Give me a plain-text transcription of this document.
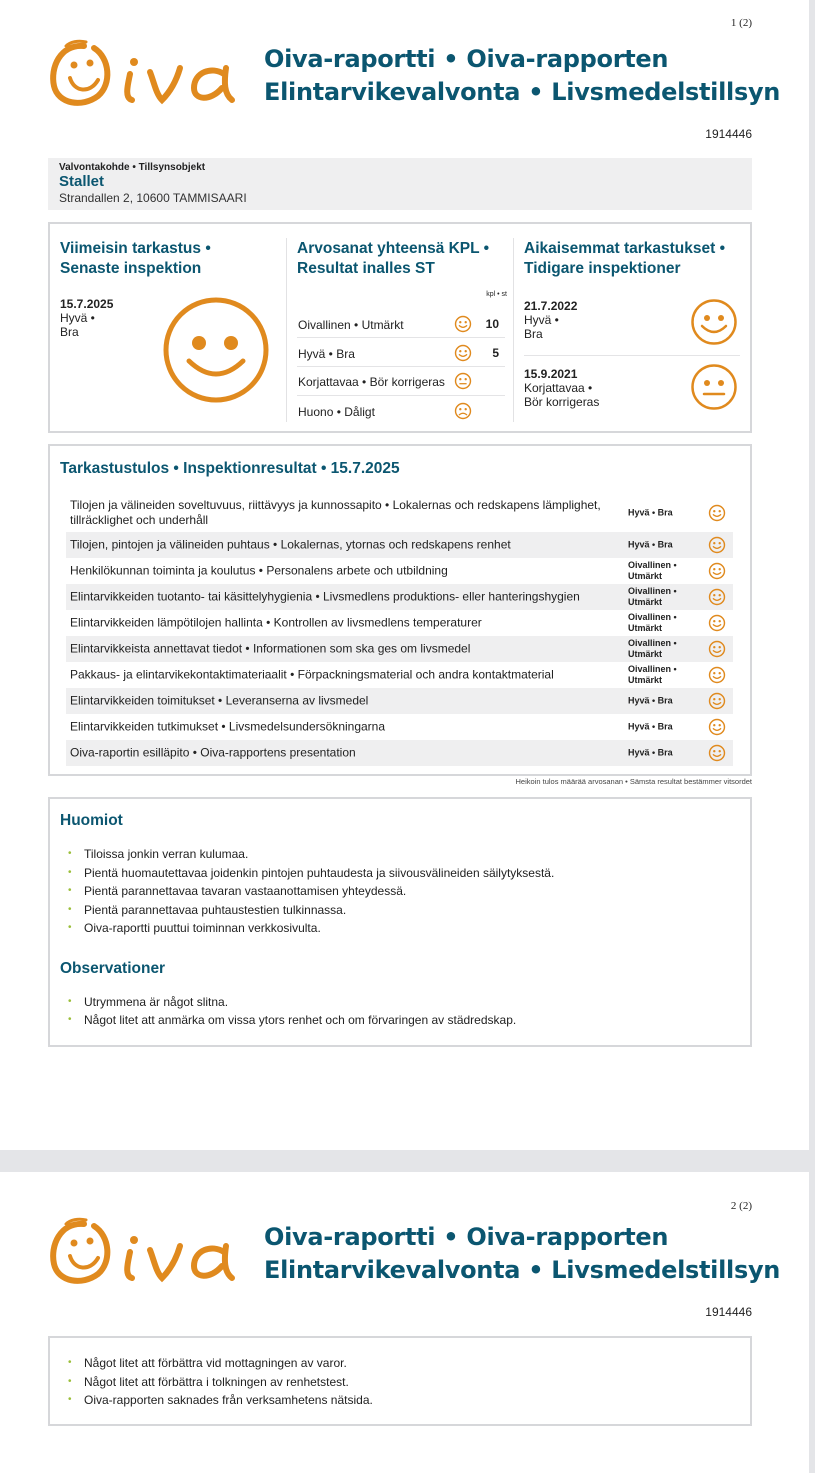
1 (2)
Oiva-raportti • Oiva-rapporten
Elintarvikevalvonta • Livsmedelstillsyn
1914446
Valvontakohde • Tillsynsobjekt
Stallet
Strandallen 2, 10600 TAMMISAARI
Viimeisin tarkastus •
Senaste inspektion
15.7.2025
Hyvä •
Bra
Arvosanat yhteensä KPL •
Resultat inalles ST
kpl • st
Oivallinen • Utmärkt	10
Hyvä • Bra	5
Korjattavaa • Bör korrigeras
Huono • Dåligt
Aikaisemmat tarkastukset •
Tidigare inspektioner
21.7.2022
Hyvä •
Bra
15.9.2021
Korjattavaa •
Bör korrigeras
Tarkastustulos • Inspektionresultat • 15.7.2025
Heikoin tulos määrää arvosanan • Sämsta resultat bestämmer vitsordet
Huomiot
• Tiloissa jonkin verran kulumaa.
• Pientä huomautettavaa joidenkin pintojen puhtaudesta ja siivousvälineiden säilytyksestä.
• Pientä parannettavaa tavaran vastaanottamisen yhteydessä.
• Pientä parannettavaa puhtaustestien tulkinnassa.
• Oiva-raportti puuttui toiminnan verkkosivulta.
Observationer
• Utrymmena är något slitna.
• Något litet att anmärka om vissa ytors renhet och om förvaringen av städredskap.
Tilojen ja välineiden soveltuvuus, riittävyys ja kunnossapito • Lokalernas och redskapens lämplighet, tillräcklighet och underhåll
Hyvä • Bra
Tilojen, pintojen ja välineiden puhtaus • Lokalernas, ytornas och redskapens renhet	Hyvä • Bra
Henkilökunnan toiminta ja koulutus • Personalens arbete och utbildning	Oivallinen •
Utmärkt
Elintarvikkeiden tuotanto- tai käsittelyhygienia • Livsmedlens produktions- eller hanteringshygien	Oivallinen •
Utmärkt
Elintarvikkeiden lämpötilojen hallinta • Kontrollen av livsmedlens temperaturer	Oivallinen •
Utmärkt
Elintarvikkeista annettavat tiedot • Informationen som ska ges om livsmedel	Oivallinen •
Utmärkt
Pakkaus- ja elintarvikekontaktimateriaalit • Förpackningsmaterial och andra kontaktmaterial	Oivallinen •
Utmärkt
Elintarvikkeiden toimitukset • Leveranserna av livsmedel	Hyvä • Bra
Elintarvikkeiden tutkimukset • Livsmedelsundersökningarna	Hyvä • Bra
Oiva-raportin esilläpito • Oiva-rapportens presentation	Hyvä • Bra
2 (2)
Oiva-raportti • Oiva-rapporten
Elintarvikevalvonta • Livsmedelstillsyn
1914446
• Något litet att förbättra vid mottagningen av varor.
• Något litet att förbättra i tolkningen av renhetstest.
• Oiva-rapporten saknades från verksamhetens nätsida.
